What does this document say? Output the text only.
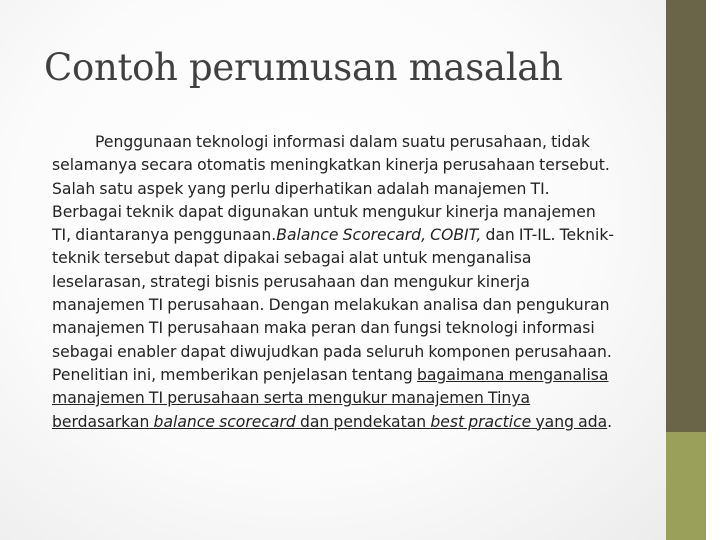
Contoh perumusan masalah

Penggunaan teknologi informasi dalam suatu perusahaan, tidak selamanya secara otomatis meningkatkan kinerja perusahaan tersebut. Salah satu aspek yang perlu diperhatikan adalah manajemen TI. Berbagai teknik dapat digunakan untuk mengukur kinerja manajemen TI, diantaranya penggunaan.Balance Scorecard, COBIT, dan IT-IL. Teknik-teknik tersebut dapat dipakai sebagai alat untuk menganalisa leselarasan, strategi bisnis perusahaan dan mengukur kinerja manajemen TI perusahaan. Dengan melakukan analisa dan pengukuran manajemen TI perusahaan maka peran dan fungsi teknologi informasi sebagai enabler dapat diwujudkan pada seluruh komponen perusahaan. Penelitian ini, memberikan penjelasan tentang bagaimana menganalisa manajemen TI perusahaan serta mengukur manajemen Tinya berdasarkan balance scorecard dan pendekatan best practice yang ada.
